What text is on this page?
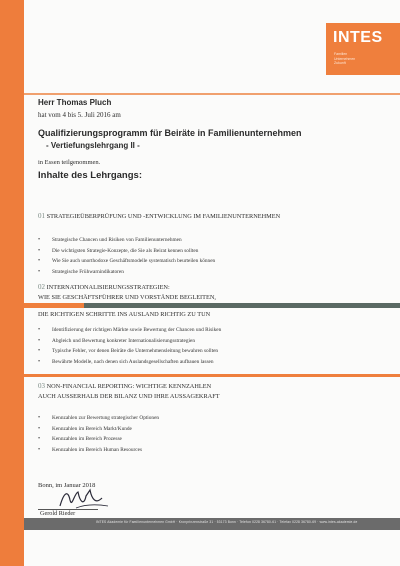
INTES
Familien
Unternehmen
Zukunft
Herr Thomas Pluch
hat vom 4 bis 5. Juli 2016 am
Qualifizierungsprogramm für Beiräte in Familienunternehmen
- Vertiefungslehrgang II -
in Essen teilgenommen.
Inhalte des Lehrgangs:
01 STRATEGIEÜBERPRÜFUNG UND -ENTWICKLUNG IM FAMILIENUNTERNEHMEN
• Strategische Chancen und Risiken von Familienunternehmen
• Die wichtigsten Strategie-Konzepte, die Sie als Beirat kennen sollten
• Wie Sie auch unorthodoxe Geschäftsmodelle systematisch beurteilen können
• Strategische Frühwarnindikatoren
02 INTERNATIONALISIERUNGSSTRATEGIEN:
WIE SIE GESCHÄFTSFÜHRER UND VORSTÄNDE BEGLEITEN,
DIE RICHTIGEN SCHRITTE INS AUSLAND RICHTIG ZU TUN
• Identifizierung der richtigen Märkte sowie Bewertung der Chancen und Risiken
• Abgleich und Bewertung konkreter Internationalisierungsstrategien
• Typische Fehler, vor denen Beiräte die Unternehmensleitung bewahren sollten
• Bewährte Modelle, nach denen sich Auslandsgesellschaften aufbauen lassen
03 NON-FINANCIAL REPORTING: WICHTIGE KENNZAHLEN
AUCH AUSSERHALB DER BILANZ UND IHRE AUSSAGEKRAFT
• Kennzahlen zur Bewertung strategischer Optionen
• Kennzahlen im Bereich Markt/Kunde
• Kennzahlen im Bereich Prozesse
• Kennzahlen im Bereich Human Resources
Bonn, im Januar 2018
Gerold Rieder
INTES Akademie für Familienunternehmen GmbH · Kronprinzenstraße 31 · 53173 Bonn · Telefon 0228 36780-61 · Telefax 0228 36780-69 · www.intes-akademie.de
